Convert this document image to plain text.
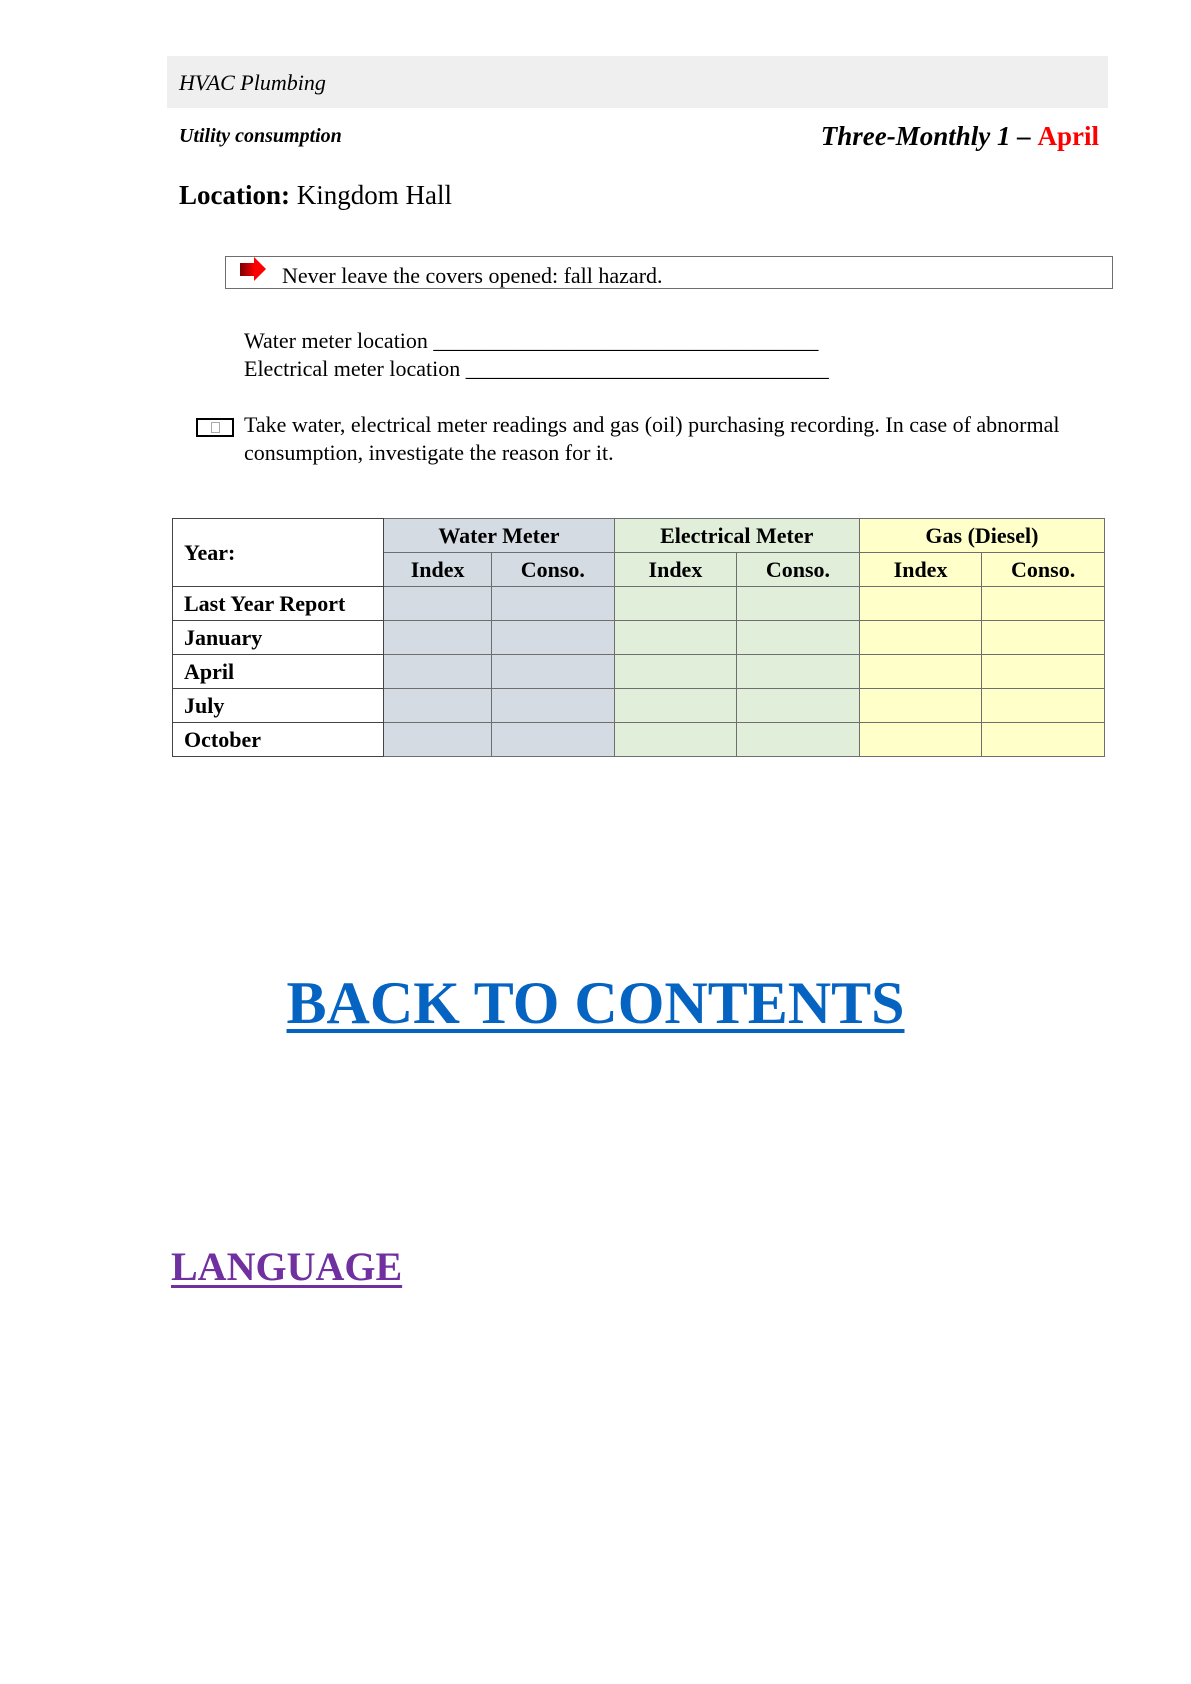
HVAC Plumbing
Utility consumption	Three-Monthly 1 – April
Location: Kingdom Hall
Never leave the covers opened: fall hazard.
Water meter location ___________________________________
Electrical meter location _________________________________
Take water, electrical meter readings and gas (oil) purchasing recording. In case of abnormal consumption, investigate the reason for it.
Year:	Water Meter		Electrical Meter		Gas (Diesel)	
	Index	Conso.	Index	Conso.	Index	Conso.
Last Year Report						
January						
April						
July						
October						
BACK TO CONTENTS
LANGUAGE
